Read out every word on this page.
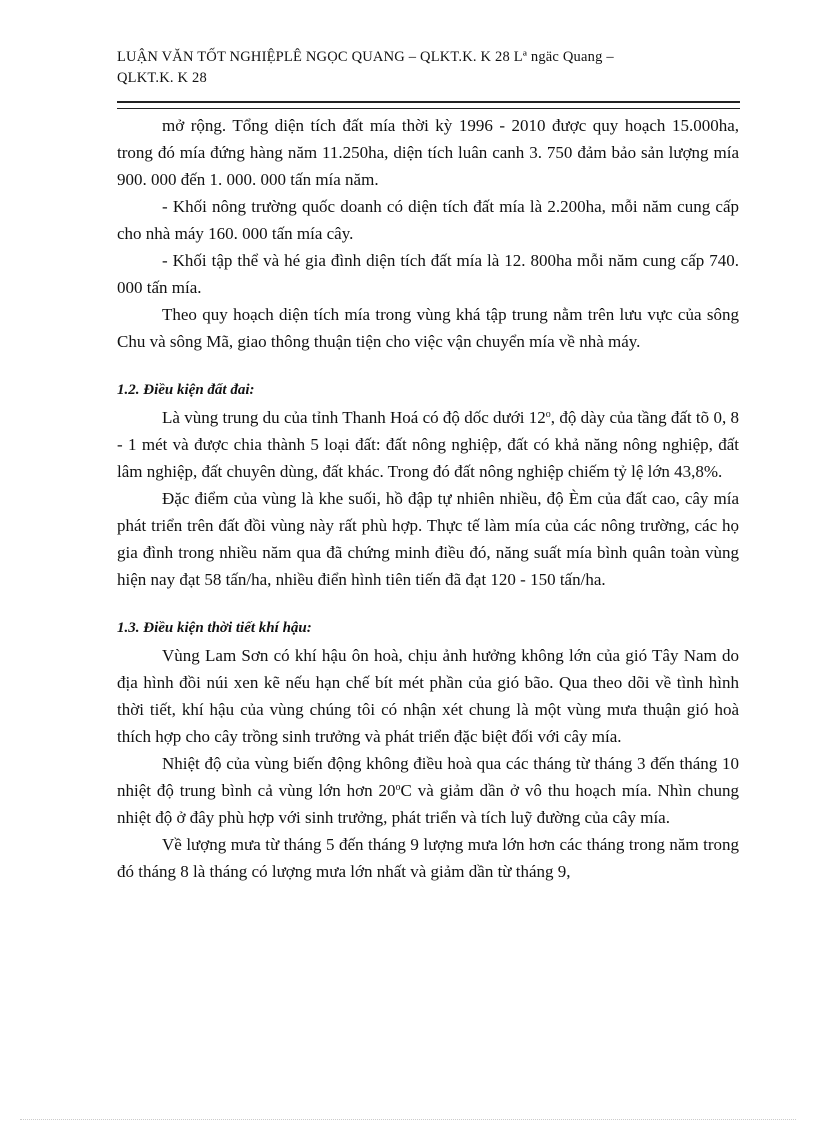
LUẬN VĂN TỐT NGHIỆPLÊ NGỌC QUANG – QLKT.K. K 28 Lª ngäc Quang –
QLKT.K. K 28

mở rộng. Tổng diện tích đất mía thời kỳ 1996 - 2010 được quy hoạch 15.000ha, trong đó mía đứng hàng năm 11.250ha, diện tích luân canh 3. 750 đảm bảo sản lượng mía 900. 000 đến 1. 000. 000 tấn mía năm.

- Khối nông trường quốc doanh có diện tích đất mía là 2.200ha, mỗi năm cung cấp cho nhà máy 160. 000 tấn mía cây.

- Khối tập thể và hé gia đình diện tích đất mía là 12. 800ha mỗi năm cung cấp 740. 000 tấn mía.

Theo quy hoạch diện tích mía trong vùng khá tập trung nằm trên lưu vực của sông Chu và sông Mã, giao thông thuận tiện cho việc vận chuyển mía về nhà máy.

1.2. Điều kiện đất đai:

Là vùng trung du của tỉnh Thanh Hoá có độ dốc dưới 12$^o$, độ dày của tầng đất tõ 0, 8 - 1 mét và được chia thành 5 loại đất: đất nông nghiệp, đất có khả năng nông nghiệp, đất lâm nghiệp, đất chuyên dùng, đất khác. Trong đó đất nông nghiệp chiếm tỷ lệ lớn 43,8%.

Đặc điểm của vùng là khe suối, hồ đập tự nhiên nhiều, độ Èm của đất cao, cây mía phát triển trên đất đồi vùng này rất phù hợp. Thực tế làm mía của các nông trường, các họ gia đình trong nhiều năm qua đã chứng minh điều đó, năng suất mía bình quân toàn vùng hiện nay đạt 58 tấn/ha, nhiều điển hình tiên tiến đã đạt 120 - 150 tấn/ha.

1.3. Điều kiện thời tiết khí hậu:

Vùng Lam Sơn có khí hậu ôn hoà, chịu ảnh hưởng không lớn của gió Tây Nam do địa hình đồi núi xen kẽ nếu hạn chế bít mét phần của gió bão. Qua theo dõi về tình hình thời tiết, khí hậu của vùng chúng tôi có nhận xét chung là một vùng mưa thuận gió hoà thích hợp cho cây trồng sinh trưởng và phát triển đặc biệt đối với cây mía.

Nhiệt độ của vùng biến động không điều hoà qua các tháng từ tháng 3 đến tháng 10 nhiệt độ trung bình cả vùng lớn hơn 20$^o$C và giảm dần ở vô thu hoạch mía. Nhìn chung nhiệt độ ở đây phù hợp với sinh trưởng, phát triển và tích luỹ đường của cây mía.

Về lượng mưa từ tháng 5 đến tháng 9 lượng mưa lớn hơn các tháng trong năm trong đó tháng 8 là tháng có lượng mưa lớn nhất và giảm dần từ tháng 9,
